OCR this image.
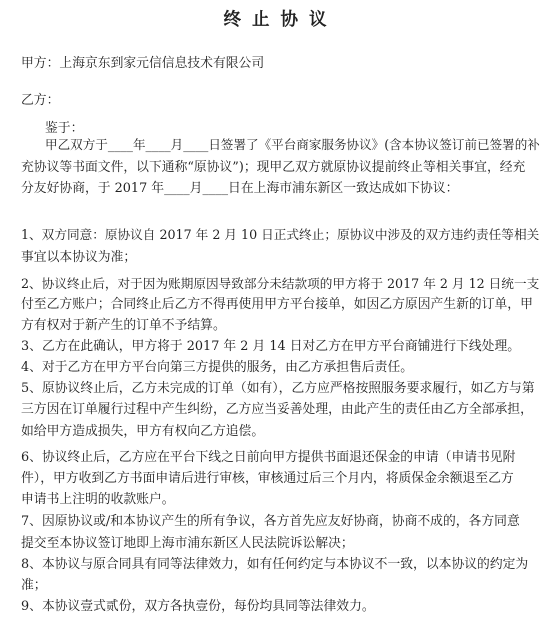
终止协议
甲方：上海京东到家元信信息技术有限公司
乙方：
鉴于：
甲乙双方于____年____月____日签署了《平台商家服务协议》(含本协议签订前已签署的补
充协议等书面文件，以下通称“原协议”)；现甲乙双方就原协议提前终止等相关事宜，经充
分友好协商，于 2017 年____月____日在上海市浦东新区一致达成如下协议：
1、双方同意：原协议自 2017 年 2 月 10 日正式终止；原协议中涉及的双方违约责任等相关
事宜以本协议为准；
2、协议终止后，对于因为账期原因导致部分未结款项的甲方将于 2017 年 2 月 12 日统一支
付至乙方账户；合同终止后乙方不得再使用甲方平台接单，如因乙方原因产生新的订单，甲
方有权对于新产生的订单不予结算。
3、乙方在此确认，甲方将于 2017 年 2 月 14 日对乙方在甲方平台商铺进行下线处理。
4、对于乙方在甲方平台向第三方提供的服务，由乙方承担售后责任。
5、原协议终止后，乙方未完成的订单（如有），乙方应严格按照服务要求履行，如乙方与第
三方因在订单履行过程中产生纠纷，乙方应当妥善处理，由此产生的责任由乙方全部承担，
如给甲方造成损失，甲方有权向乙方追偿。
6、协议终止后，乙方应在平台下线之日前向甲方提供书面退还保金的申请（申请书见附
件），甲方收到乙方书面申请后进行审核，审核通过后三个月内，将质保金余额退至乙方
申请书上注明的收款账户。
7、因原协议或/和本协议产生的所有争议，各方首先应友好协商，协商不成的，各方同意
提交至本协议签订地即上海市浦东新区人民法院诉讼解决；
8、本协议与原合同具有同等法律效力，如有任何约定与本协议不一致，以本协议的约定为
准；
9、本协议壹式贰份，双方各执壹份，每份均具同等法律效力。
